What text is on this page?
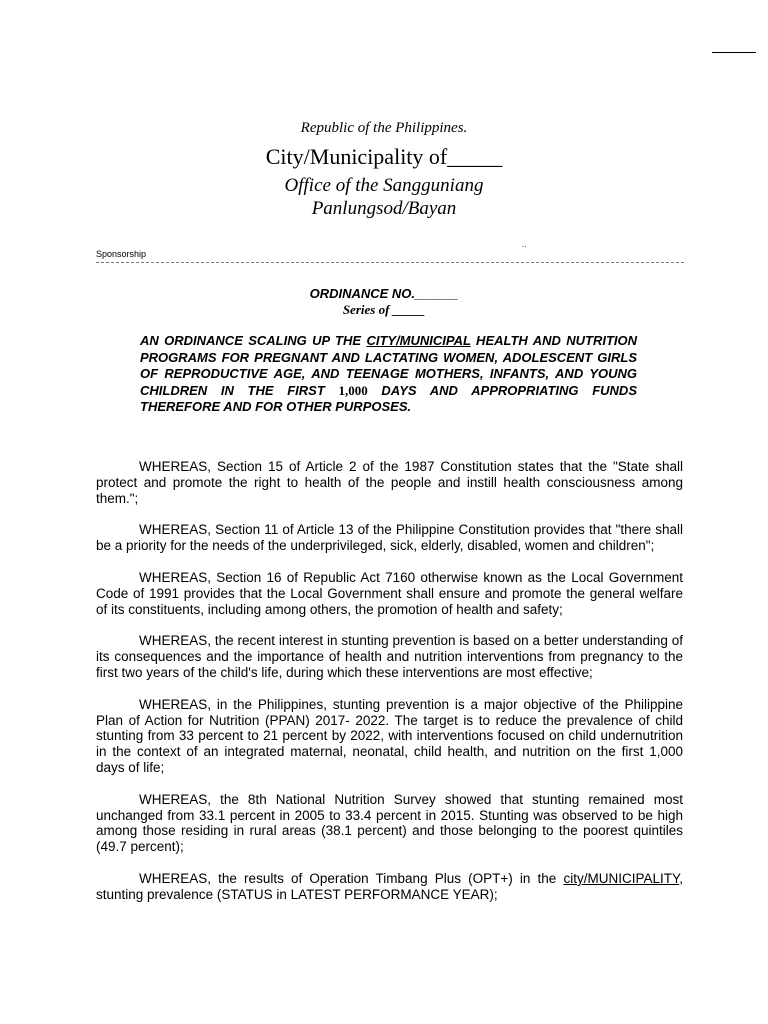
Republic of the Philippines.
City/Municipality of_____
Office of the Sangguniang
Panlungsod/Bayan
..
Sponsorship
ORDINANCE NO.______
Series of _____
AN ORDINANCE SCALING UP THE CITY/MUNICIPAL HEALTH AND NUTRITION PROGRAMS FOR PREGNANT AND LACTATING WOMEN, ADOLESCENT GIRLS OF REPRODUCTIVE AGE, AND TEENAGE MOTHERS, INFANTS, AND YOUNG CHILDREN IN THE FIRST 1,000 DAYS AND APPROPRIATING FUNDS THEREFORE AND FOR OTHER PURPOSES.

WHEREAS, Section 15 of Article 2 of the 1987 Constitution states that the "State shall protect and promote the right to health of the people and instill health consciousness among them.";

WHEREAS, Section 11 of Article 13 of the Philippine Constitution provides that "there shall be a priority for the needs of the underprivileged, sick, elderly, disabled, women and children";

WHEREAS, Section 16 of Republic Act 7160 otherwise known as the Local Government Code of 1991 provides that the Local Government shall ensure and promote the general welfare of its constituents, including among others, the promotion of health and safety;

WHEREAS, the recent interest in stunting prevention is based on a better understanding of its consequences and the importance of health and nutrition interventions from pregnancy to the first two years of the child's life, during which these interventions are most effective;

WHEREAS, in the Philippines, stunting prevention is a major objective of the Philippine Plan of Action for Nutrition (PPAN) 2017- 2022. The target is to reduce the prevalence of child stunting from 33 percent to 21 percent by 2022, with interventions focused on child undernutrition in the context of an integrated maternal, neonatal, child health, and nutrition on the first 1,000 days of life;

WHEREAS, the 8th National Nutrition Survey showed that stunting remained most unchanged from 33.1 percent in 2005 to 33.4 percent in 2015. Stunting was observed to be high among those residing in rural areas (38.1 percent) and those belonging to the poorest quintiles (49.7 percent);

WHEREAS, the results of Operation Timbang Plus (OPT+) in the city/MUNICIPALITY, stunting prevalence (STATUS in LATEST PERFORMANCE YEAR);
